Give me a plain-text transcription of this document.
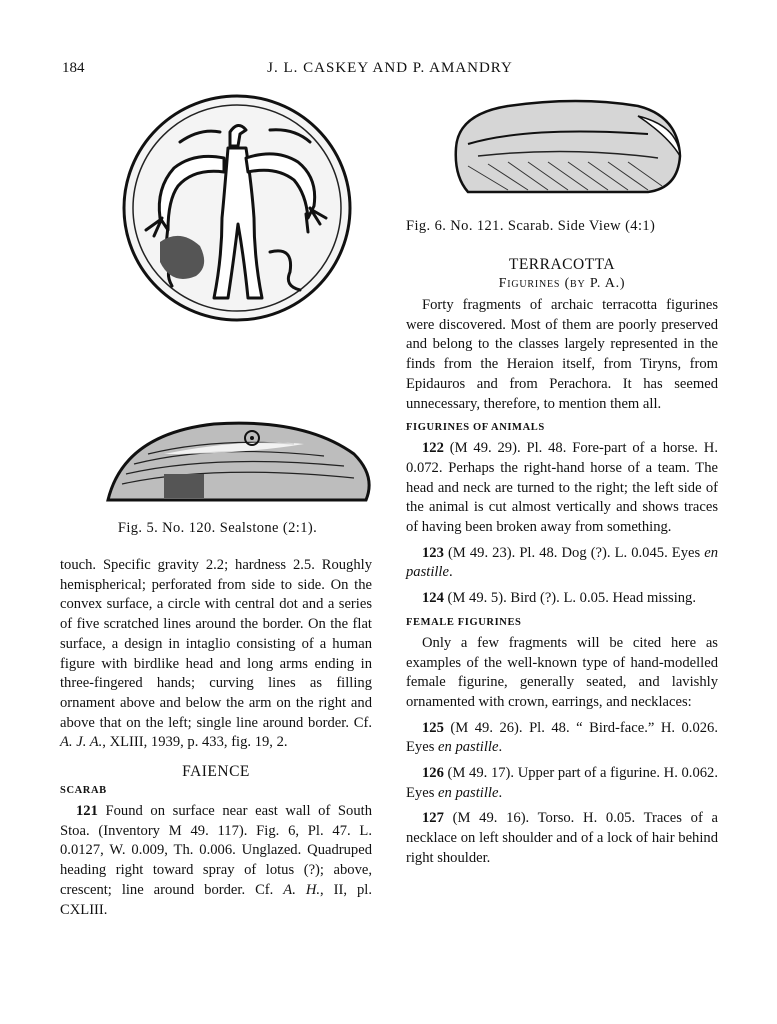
184	J. L. CASKEY AND P. AMANDRY
Fig. 5. No. 120. Sealstone (2:1).
Fig. 6. No. 121. Scarab. Side View (4:1)

touch. Specific gravity 2.2; hardness 2.5. Roughly hemispherical; perforated from side to side. On the convex surface, a circle with central dot and a series of five scratched lines around the border. On the flat surface, a design in intaglio consisting of a human figure with birdlike head and long arms ending in three-fingered hands; curving lines as filling ornament above and below the arm on the right and above that on the left; single line around border. Cf. A. J. A., XLIII, 1939, p. 433, fig. 19, 2.

FAIENCE
SCARAB

121 Found on surface near east wall of South Stoa. (Inventory M 49. 117). Fig. 6, Pl. 47. L. 0.0127, W. 0.009, Th. 0.006. Unglazed. Quadruped heading right toward spray of lotus (?); above, crescent; line around border. Cf. A. H., II, pl. CXLIII.

TERRACOTTA
Figurines (by P. A.)

Forty fragments of archaic terracotta figurines were discovered. Most of them are poorly preserved and belong to the classes largely represented in the finds from the Heraion itself, from Tiryns, from Epidauros and from Perachora. It has seemed unnecessary, therefore, to mention them all.

FIGURINES OF ANIMALS

122 (M 49. 29). Pl. 48. Fore-part of a horse. H. 0.072. Perhaps the right-hand horse of a team. The head and neck are turned to the right; the left side of the animal is cut almost vertically and shows traces of having been broken away from something.

123 (M 49. 23). Pl. 48. Dog (?). L. 0.045. Eyes en pastille.

124 (M 49. 5). Bird (?). L. 0.05. Head missing.

FEMALE FIGURINES

Only a few fragments will be cited here as examples of the well-known type of hand-modelled female figurine, generally seated, and lavishly ornamented with crown, earrings, and necklaces:

125 (M 49. 26). Pl. 48. “ Bird-face.” H. 0.026. Eyes en pastille.

126 (M 49. 17). Upper part of a figurine. H. 0.062. Eyes en pastille.

127 (M 49. 16). Torso. H. 0.05. Traces of a necklace on left shoulder and of a lock of hair behind right shoulder.
